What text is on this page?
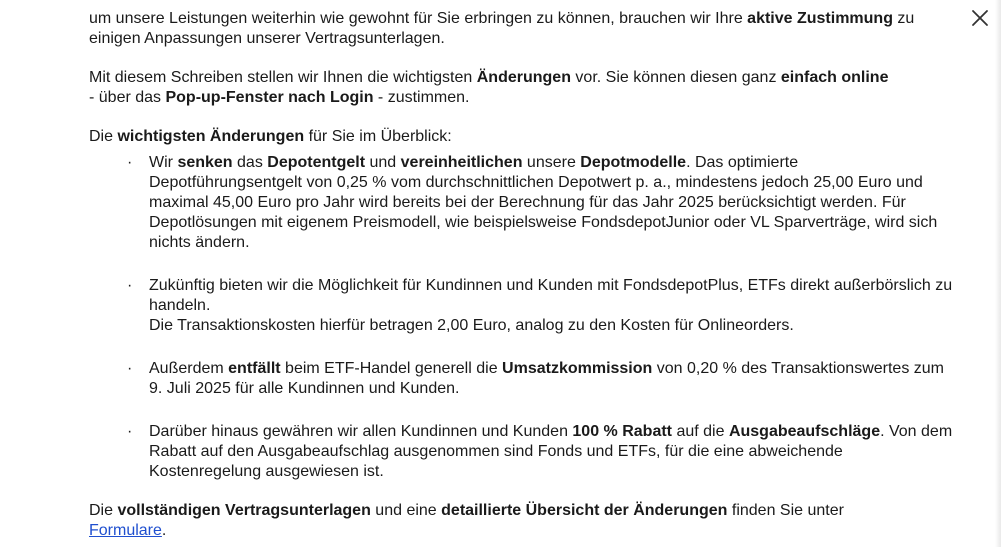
um unsere Leistungen weiterhin wie gewohnt für Sie erbringen zu können, brauchen wir Ihre aktive Zustimmung zu einigen Anpassungen unserer Vertragsunterlagen.

Mit diesem Schreiben stellen wir Ihnen die wichtigsten Änderungen vor. Sie können diesen ganz einfach online
- über das Pop-up-Fenster nach Login - zustimmen.

Die wichtigsten Änderungen für Sie im Überblick:

· Wir senken das Depotentgelt und vereinheitlichen unsere Depotmodelle. Das optimierte Depotführungsentgelt von 0,25 % vom durchschnittlichen Depotwert p. a., mindestens jedoch 25,00 Euro und maximal 45,00 Euro pro Jahr wird bereits bei der Berechnung für das Jahr 2025 berücksichtigt werden. Für Depotlösungen mit eigenem Preismodell, wie beispielsweise FondsdepotJunior oder VL Sparverträge, wird sich nichts ändern.
· Zukünftig bieten wir die Möglichkeit für Kundinnen und Kunden mit FondsdepotPlus, ETFs direkt außerbörslich zu handeln.
Die Transaktionskosten hierfür betragen 2,00 Euro, analog zu den Kosten für Onlineorders.
· Außerdem entfällt beim ETF-Handel generell die Umsatzkommission von 0,20 % des Transaktionswertes zum 9. Juli 2025 für alle Kundinnen und Kunden.
· Darüber hinaus gewähren wir allen Kundinnen und Kunden 100 % Rabatt auf die Ausgabeaufschläge. Von dem Rabatt auf den Ausgabeaufschlag ausgenommen sind Fonds und ETFs, für die eine abweichende Kostenregelung ausgewiesen ist.

Die vollständigen Vertragsunterlagen und eine detaillierte Übersicht der Änderungen finden Sie unter
Formulare.
